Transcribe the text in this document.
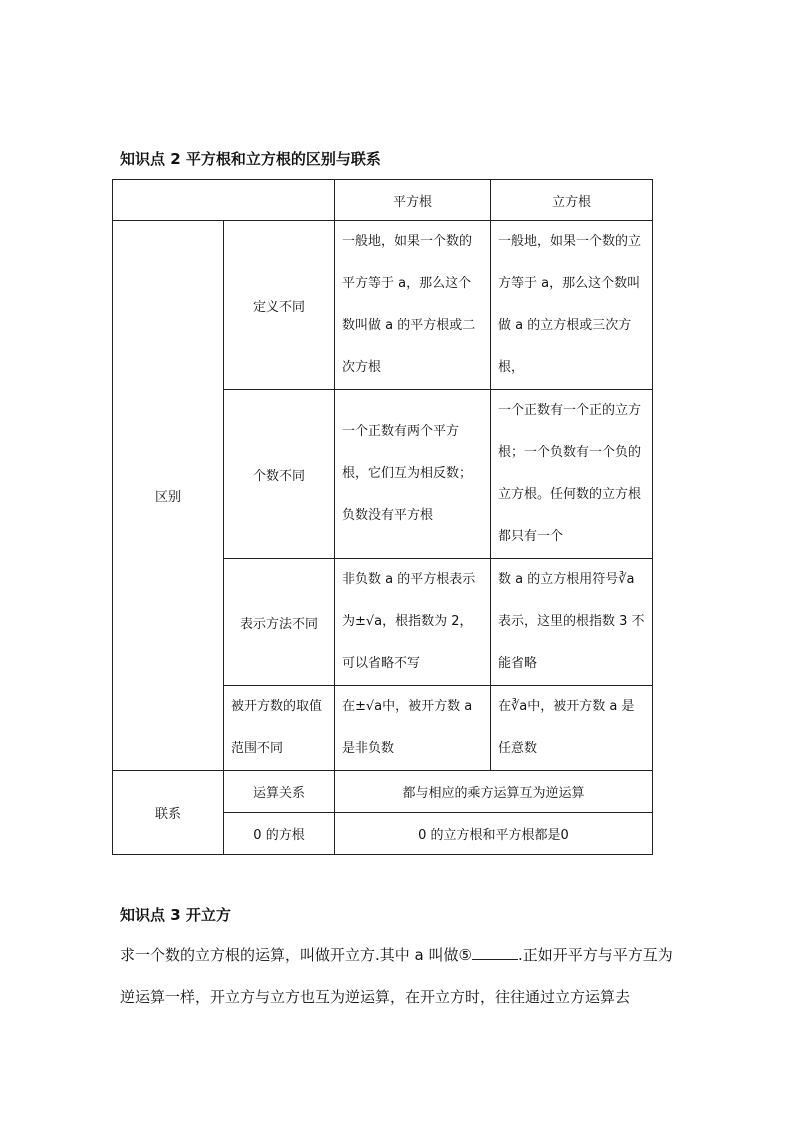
知识点 2 平方根和立方根的区别与联系
		平方根	立方根
区别	定义不同	一般地，如果一个数的平方等于 a，那么这个数叫做 a 的平方根或二次方根	一般地，如果一个数的立方等于 a，那么这个数叫做 a 的立方根或三次方根，
	个数不同	一个正数有两个平方根，它们互为相反数；负数没有平方根	一个正数有一个正的立方根；一个负数有一个负的立方根。任何数的立方根都只有一个
	表示方法不同	非负数 a 的平方根表示为±√a，根指数为 2，可以省略不写	数 a 的立方根用符号∛a表示，这里的根指数 3 不能省略
	被开方数的取值范围不同	在±√a中，被开方数 a 是非负数	在∛a中，被开方数 a 是任意数
联系	运算关系	都与相应的乘方运算互为逆运算	
	0 的方根	0 的立方根和平方根都是0	
知识点 3 开立方
求一个数的立方根的运算，叫做开立方.其中 a 叫做⑤	.正如开平方与平方互为逆运算一样，开立方与立方也互为逆运算，在开立方时，往往通过立方运算去
